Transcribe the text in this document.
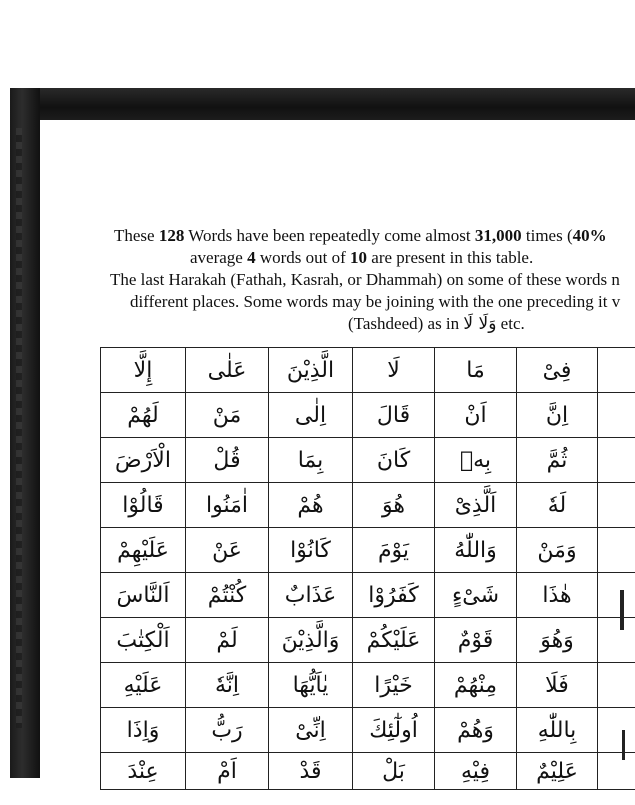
These 128 Words have been repeatedly come almost 31,000 times (40%
average 4 words out of 10 are present in this table.
The last Harakah (Fathah, Kasrah, or Dhammah) on some of these words n
different places. Some words may be joining with the one preceding it v
(Tashdeed) as in وَلَا لَا etc.
إِلَّا	عَلٰى	الَّذِيْنَ	لَا	مَا	فِىْ	
لَهُمْ	مَنْ	اِلٰى	قَالَ	اَنْ	اِنَّ	
الْاَرْضَ	قُلْ	بِمَا	كَانَ	بِهٖ	ثُمَّ	
قَالُوْا	اٰمَنُوا	هُمْ	هُوَ	اَلَّذِىْ	لَهٗ	
عَلَيْهِمْ	عَنْ	كَانُوْا	يَوْمَ	وَاللّٰهُ	وَمَنْ	
اَلنَّاسَ	كُنْتُمْ	عَذَابٌ	كَفَرُوْا	شَىْءٍ	هٰذَا	
اَلْكِتٰبَ	لَمْ	وَالَّذِيْنَ	عَلَيْكُمْ	قَوْمٌ	وَهُوَ	
عَلَيْهِ	اِنَّهٗ	يٰاَيُّهَا	خَيْرًا	مِنْهُمْ	فَلَا	
وَاِذَا	رَبُّ	اِنِّىْ	اُولٰٓئِكَ	وَهُمْ	بِاللّٰهِ	
عِنْدَ	اَمْ	قَدْ	بَلْ	فِيْهِ	عَلِيْمٌ	
